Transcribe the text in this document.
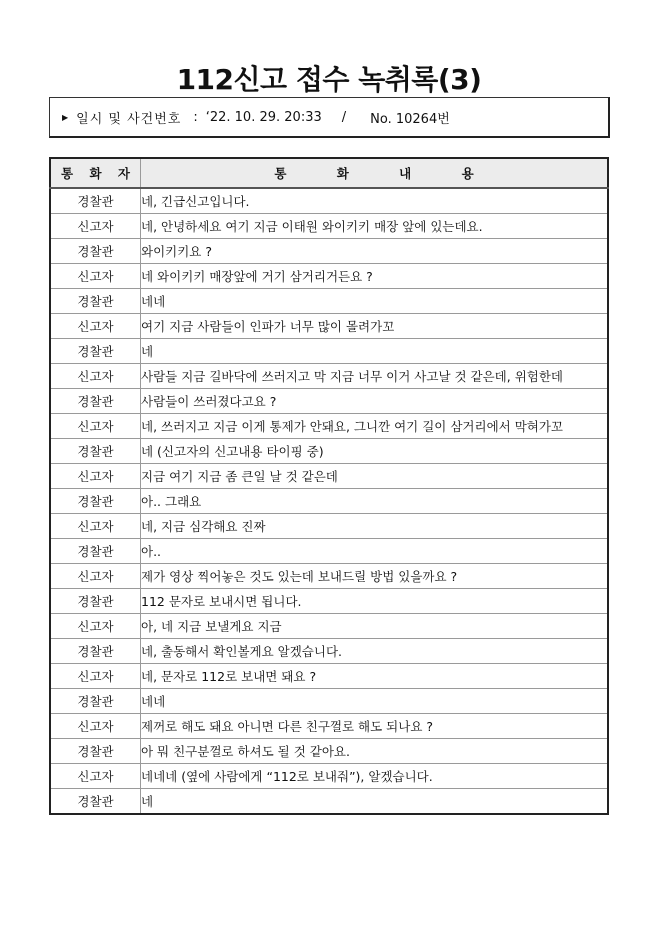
112신고 접수 녹취록(3)
▶ 일시 및 사건번호 : ‘22. 10. 29. 20:33 / No. 10264번
통 화 자	통 화 내 용
경찰관	네, 긴급신고입니다.
신고자	네, 안녕하세요 여기 지금 이태원 와이키키 매장 앞에 있는데요.
경찰관	와이키키요 ?
신고자	네 와이키키 매장앞에 거기 삼거리거든요 ?
경찰관	네네
신고자	여기 지금 사람들이 인파가 너무 많이 몰려가꼬
경찰관	네
신고자	사람들 지금 길바닥에 쓰러지고 막 지금 너무 이거 사고날 것 같은데, 위험한데
경찰관	사람들이 쓰러졌다고요 ?
신고자	네, 쓰러지고 지금 이게 통제가 안돼요, 그니깐 여기 길이 삼거리에서 막혀가꼬
경찰관	네 (신고자의 신고내용 타이핑 중)
신고자	지금 여기 지금 좀 큰일 날 것 같은데
경찰관	아.. 그래요
신고자	네, 지금 심각해요 진짜
경찰관	아..
신고자	제가 영상 찍어놓은 것도 있는데 보내드릴 방법 있을까요 ?
경찰관	112 문자로 보내시면 됩니다.
신고자	아, 네 지금 보낼게요 지금
경찰관	네, 출동해서 확인볼게요 알겠습니다.
신고자	네, 문자로 112로 보내면 돼요 ?
경찰관	네네
신고자	제꺼로 해도 돼요 아니면 다른 친구껄로 해도 되나요 ?
경찰관	아 뭐 친구분껄로 하셔도 될 것 같아요.
신고자	네네네 (옆에 사람에게 “112로 보내줘”), 알겠습니다.
경찰관	네
